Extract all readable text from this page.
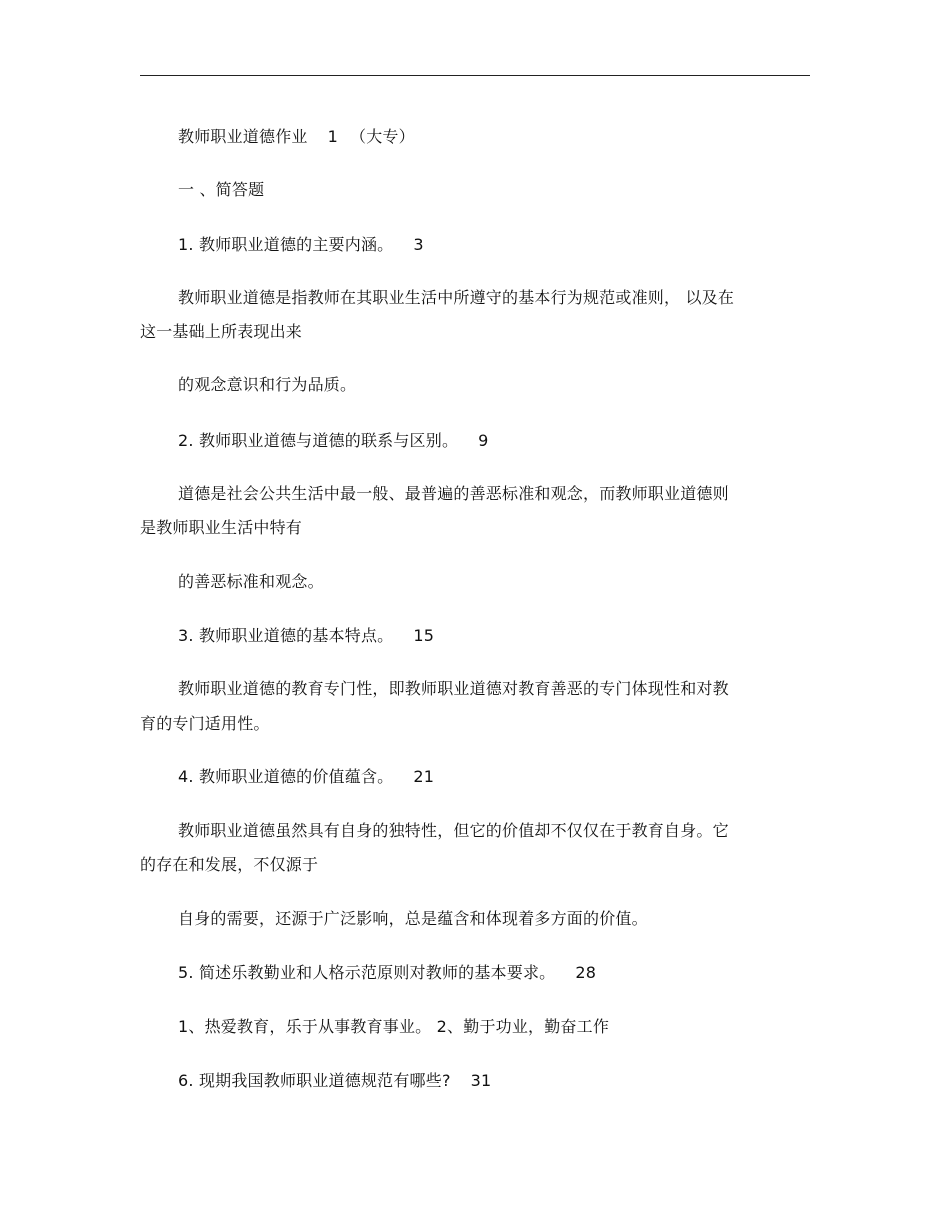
教师职业道德作业 1 （大专）
一 、简答题
1. 教师职业道德的主要内涵。 3
教师职业道德是指教师在其职业生活中所遵守的基本行为规范或准则， 以及在
这一基础上所表现出来
的观念意识和行为品质。
2. 教师职业道德与道德的联系与区别。 9
道德是社会公共生活中最一般、最普遍的善恶标准和观念，而教师职业道德则
是教师职业生活中特有
的善恶标准和观念。
3. 教师职业道德的基本特点。 15
教师职业道德的教育专门性，即教师职业道德对教育善恶的专门体现性和对教
育的专门适用性。
4. 教师职业道德的价值蕴含。 21
教师职业道德虽然具有自身的独特性，但它的价值却不仅仅在于教育自身。它
的存在和发展，不仅源于
自身的需要，还源于广泛影响，总是蕴含和体现着多方面的价值。
5. 简述乐教勤业和人格示范原则对教师的基本要求。 28
1、热爱教育，乐于从事教育事业。 2、勤于功业，勤奋工作
6. 现期我国教师职业道德规范有哪些? 31
